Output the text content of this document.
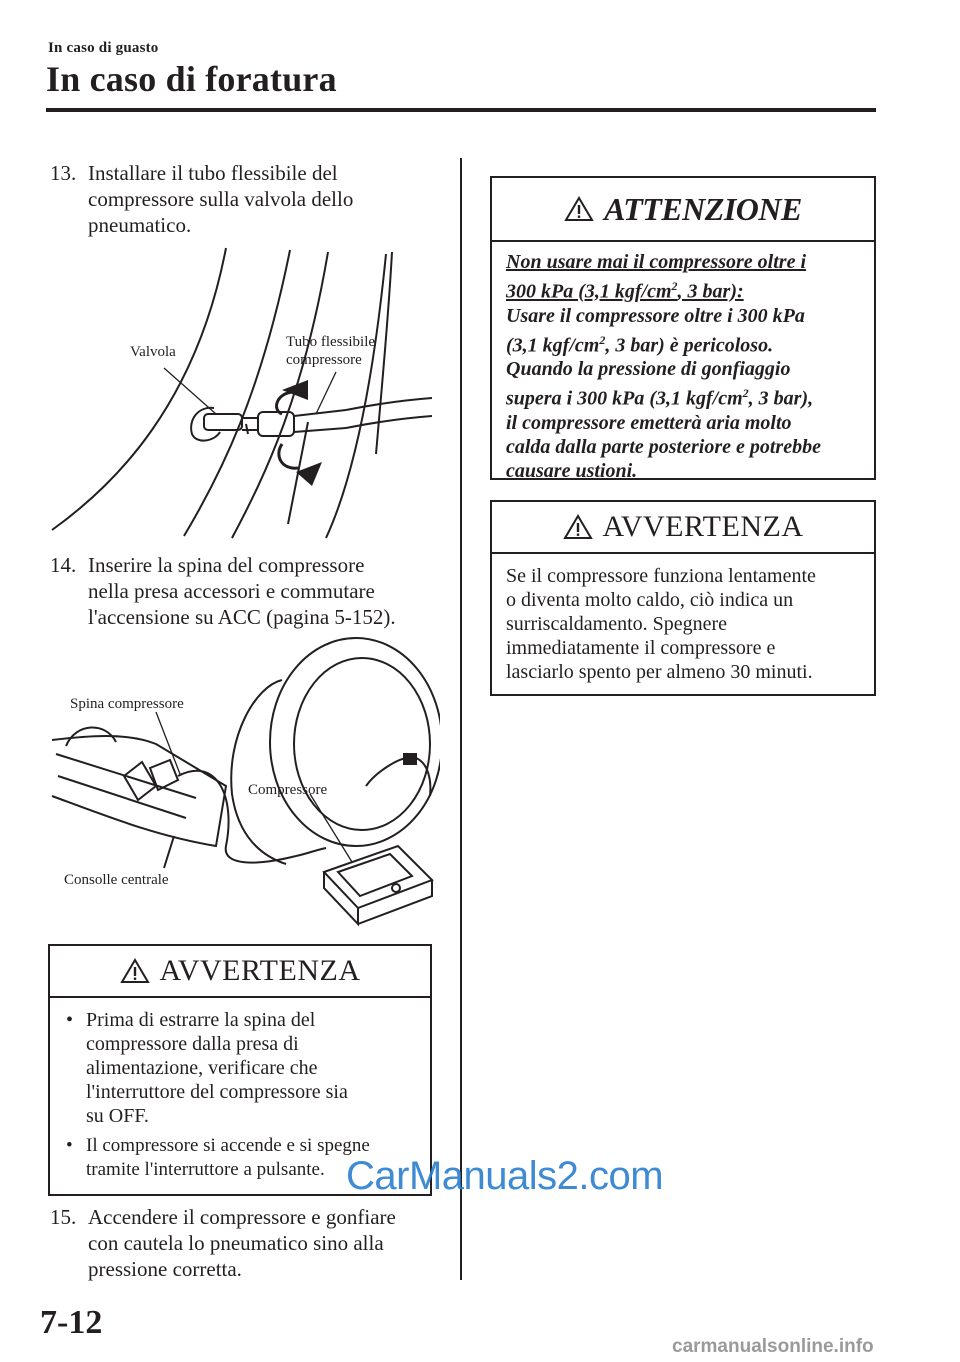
In caso di guasto
In caso di foratura
13. Installare il tubo flessibile del
compressore sulla valvola dello
pneumatico.
Valvola
Tubo flessibile
compressore
14. Inserire la spina del compressore
nella presa accessori e commutare
l'accensione su ACC (pagina 5-152).
Spina compressore
Compressore
Consolle centrale
AVVERTENZA
• Prima di estrarre la spina del
compressore dalla presa di
alimentazione, verificare che
l'interruttore del compressore sia
su OFF.
• Il compressore si accende e si spegne
tramite l'interruttore a pulsante.
15. Accendere il compressore e gonfiare
con cautela lo pneumatico sino alla
pressione corretta.
ATTENZIONE
Non usare mai il compressore oltre i
300 kPa (3,1 kgf/$cm^2$, 3 bar):
Usare il compressore oltre i 300 kPa
(3,1 kgf/$cm^2$, 3 bar) è pericoloso.
Quando la pressione di gonfiaggio
supera i 300 kPa (3,1 kgf/$cm^2$, 3 bar),
il compressore emetterà aria molto
calda dalla parte posteriore e potrebbe
causare ustioni.
AVVERTENZA
Se il compressore funziona lentamente
o diventa molto caldo, ciò indica un
surriscaldamento. Spegnere
immediatamente il compressore e
lasciarlo spento per almeno 30 minuti.
7-12
CarManuals2.com
carmanualsonline.info
